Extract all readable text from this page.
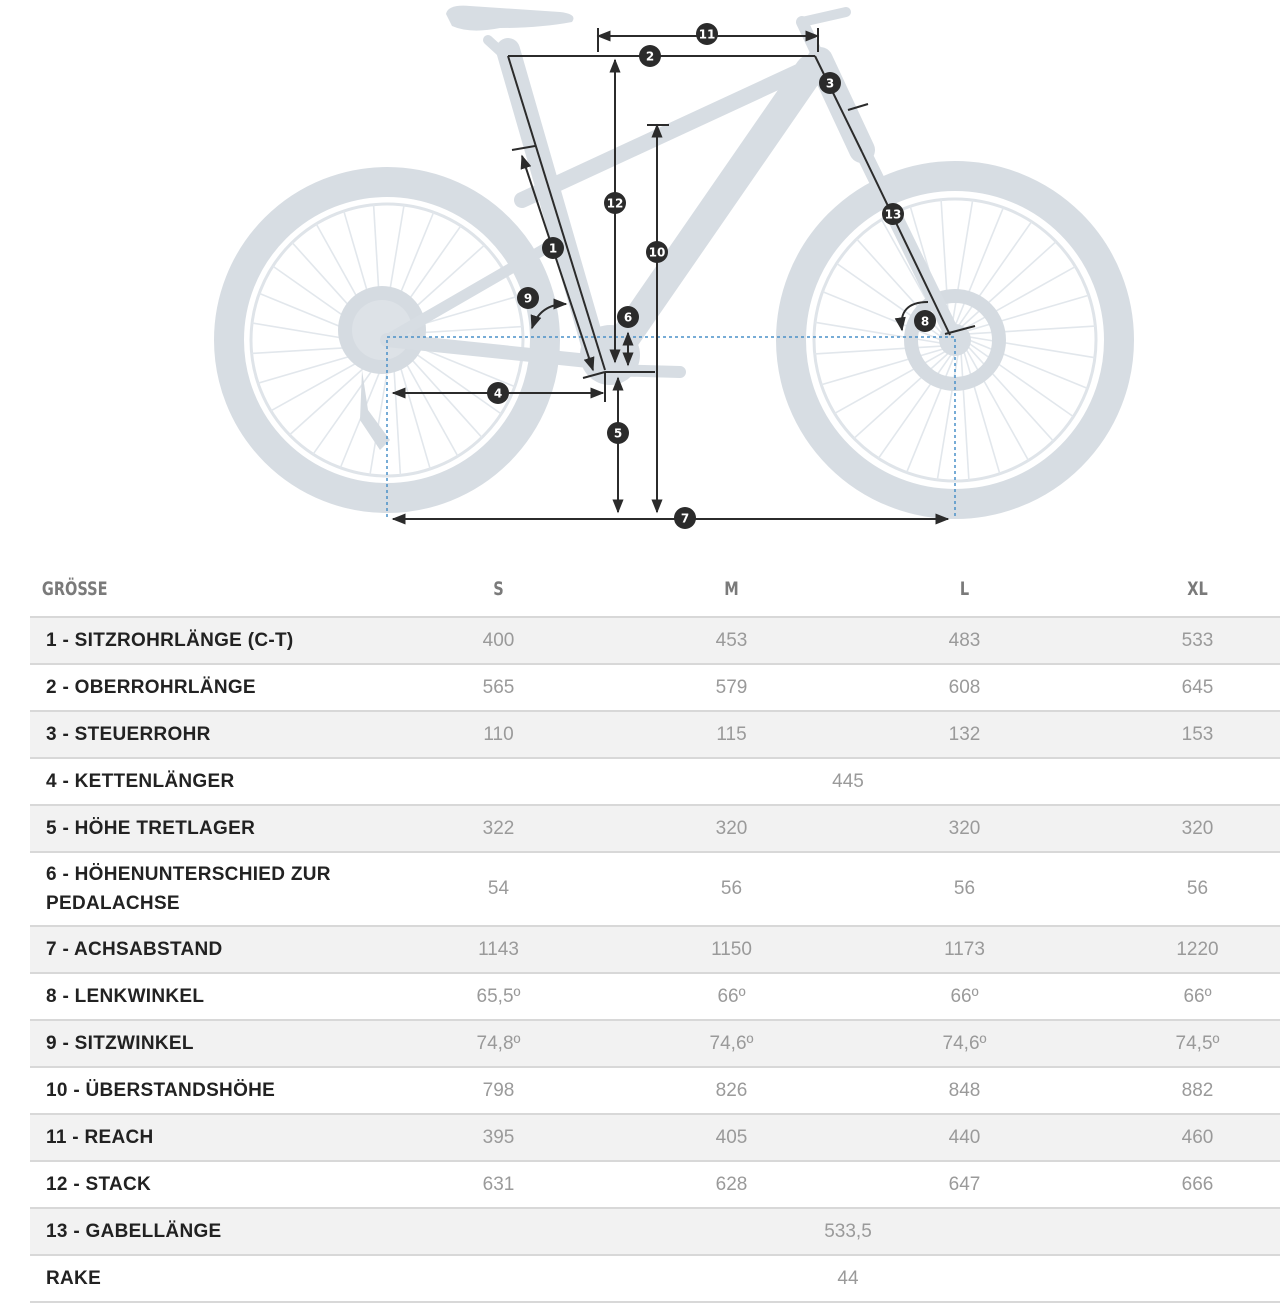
1
2
3
4
5
6
7
8
9
10
11
12
13
GRÖSSE	S	M	L	XL
1 - SITZROHRLÄNGE (C-T)	400	453	483	533
2 - OBERROHRLÄNGE	565	579	608	645
3 - STEUERROHR	110	115	132	153
4 - KETTENLÄNGER	445			
5 - HÖHE TRETLAGER	322	320	320	320
6 - HÖHENUNTERSCHIED ZUR PEDALACHSE	54	56	56	56
7 - ACHSABSTAND	1143	1150	1173	1220
8 - LENKWINKEL	65,5º	66º	66º	66º
9 - SITZWINKEL	74,8º	74,6º	74,6º	74,5º
10 - ÜBERSTANDSHÖHE	798	826	848	882
11 - REACH	395	405	440	460
12 - STACK	631	628	647	666
13 - GABELLÄNGE	533,5			
RAKE	44			
